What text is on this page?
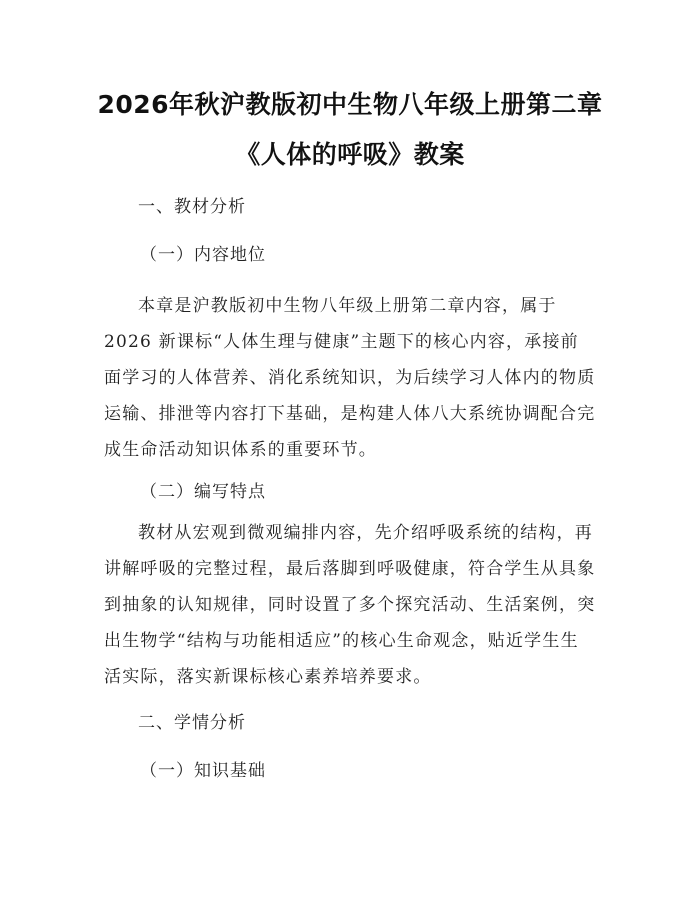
2026年秋沪教版初中生物八年级上册第二章
《人体的呼吸》教案
一、教材分析
（一）内容地位
本章是沪教版初中生物八年级上册第二章内容，属于
2026 新课标“人体生理与健康”主题下的核心内容，承接前
面学习的人体营养、消化系统知识，为后续学习人体内的物质
运输、排泄等内容打下基础，是构建人体八大系统协调配合完
成生命活动知识体系的重要环节。
（二）编写特点
教材从宏观到微观编排内容，先介绍呼吸系统的结构，再
讲解呼吸的完整过程，最后落脚到呼吸健康，符合学生从具象
到抽象的认知规律，同时设置了多个探究活动、生活案例，突
出生物学“结构与功能相适应”的核心生命观念，贴近学生生
活实际，落实新课标核心素养培养要求。
二、学情分析
（一）知识基础
